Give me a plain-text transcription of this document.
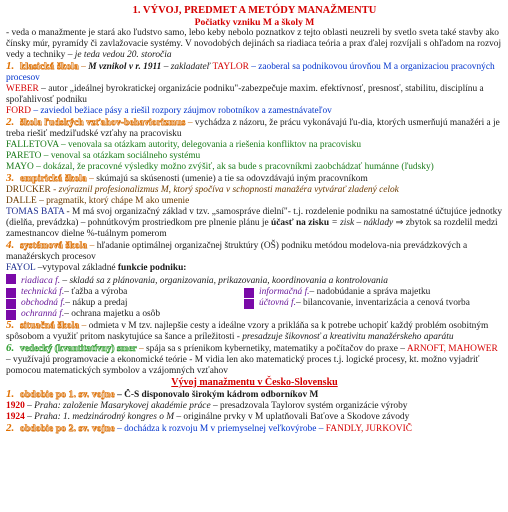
1. VÝVOJ, PREDMET A METÓDY MANAŽMENTU
Počiatky vzniku M a školy M

- veda o manažmente je stará ako ľudstvo samo, lebo keby nebolo poznatkov z tejto oblasti neuzreli by svetlo sveta také stavby ako čínsky múr, pyramídy či zavlažovacie systémy. V novodobých dejinách sa riadiaca teória a prax ďalej rozvíjali s ohľadom na rozvoj vedy a techniky – je teda vedou 20. storočia

1. klasická škola – M vznikol v r. 1911 – zakladateľ TAYLOR – zaoberal sa podnikovou úrovňou M a organizaciou pracovných procesov
WEBER – autor „ideálnej byrokratickej organizácie podniku"-zabezpečuje maxim. efektívnosť, presnosť, stabilitu, disciplínu a spoľahlivosť podniku
FORD – zaviedol bežiace pásy a riešil rozpory záujmov robotníkov a zamestnávateľov
2. škola ľudských vzťahov-behaviorizmus – vychádza z názoru, že prácu vykonávajú ľu-dia, ktorých usmerňujú manažéri a je treba riešiť medziľudské vzťahy na pracovisku
FALLETOVA – venovala sa otázkam autority, delegovania a riešenia konfliktov na pracovisku
PARETO – venoval sa otázkam sociálneho systému
MAYO – dokázal, že pracovné výsledky možno zvýšiť, ak sa bude s pracovníkmi zaobchádzať humánne (ľudsky)
3. empirická škola – skúmajú sa skúsenosti (umenie) a tie sa odovzdávajú iným pracovníkom
DRUCKER - zvýraznil profesionalizmus M, ktorý spočíva v schopnosti manažéra vytvárať zladený celok
DALLE – pragmatik, ktorý chápe M ako umenie
TOMAS BATA - M má svoj organizačný základ v tzv. „samospráve dielní"- t.j. rozdelenie podniku na samostatné účtujúce jednotky (dielňa, prevádzka) – pohnútkovým prostriedkom pre plnenie plánu je účasť na zisku = zisk – náklady ⇒ zbytok sa rozdelil medzi zamestnancov dielne %-tuálnym pomerom
4. systémová škola – hľadanie optimálnej organizačnej štruktúry (OŠ) podniku metódou modelova-nia prevádzkových a manažérskych procesov
FAYOL –vytypoval základné funkcie podniku:
riadiaca f. – skladá sa z plánovania, organizovania, prikazovania, koordinovania a kontrolovania
technická f. – ťažba a výroba	informačná f. – nadobúdanie a správa majetku
obchodná f. – nákup a predaj	účtovná f. – bilancovanie, inventarizácia a cenová tvorba
ochranná f. – ochrana majetku a osôb
5. situačná škola – odmieta v M tzv. najlepšie cesty a ideálne vzory a prikláňa sa k potrebe uchopiť každý problém osobitným spôsobom a využiť pritom naskytujúce sa šance a príležitosti - presadzuje šikovnosť a kreativitu manažérskeho aparátu
6. vedecký (kvantitatívny) smer – spája sa s príenikom kybernetiky, matematiky a počítačov do praxe – ARNOFT, MAHOWER – využívajú programovacie a ekonomické teórie - M vidia len ako matematický proces t.j. logické procesy, kt. možno vyjadriť pomocou matematických symbolov a vzájomných vzťahov
Vývoj manažmentu v Česko-Slovensku
1. obdobie po 1. sv. vojne – Č-S disponovalo širokým kádrom odborníkov M
1920 – Praha: založenie Masarykovej akadémie práce – presadzovala Taylorov systém organizácie výroby
1924 – Praha: 1. medzinárodný kongres o M – originálne prvky v M uplatňovali Baťove a Škodove závody
2. obdobie po 2. sv. vojne – dochádza k rozvoju M v priemyselnej veľkovýrobe – FANDLY, JURKOVIČ
